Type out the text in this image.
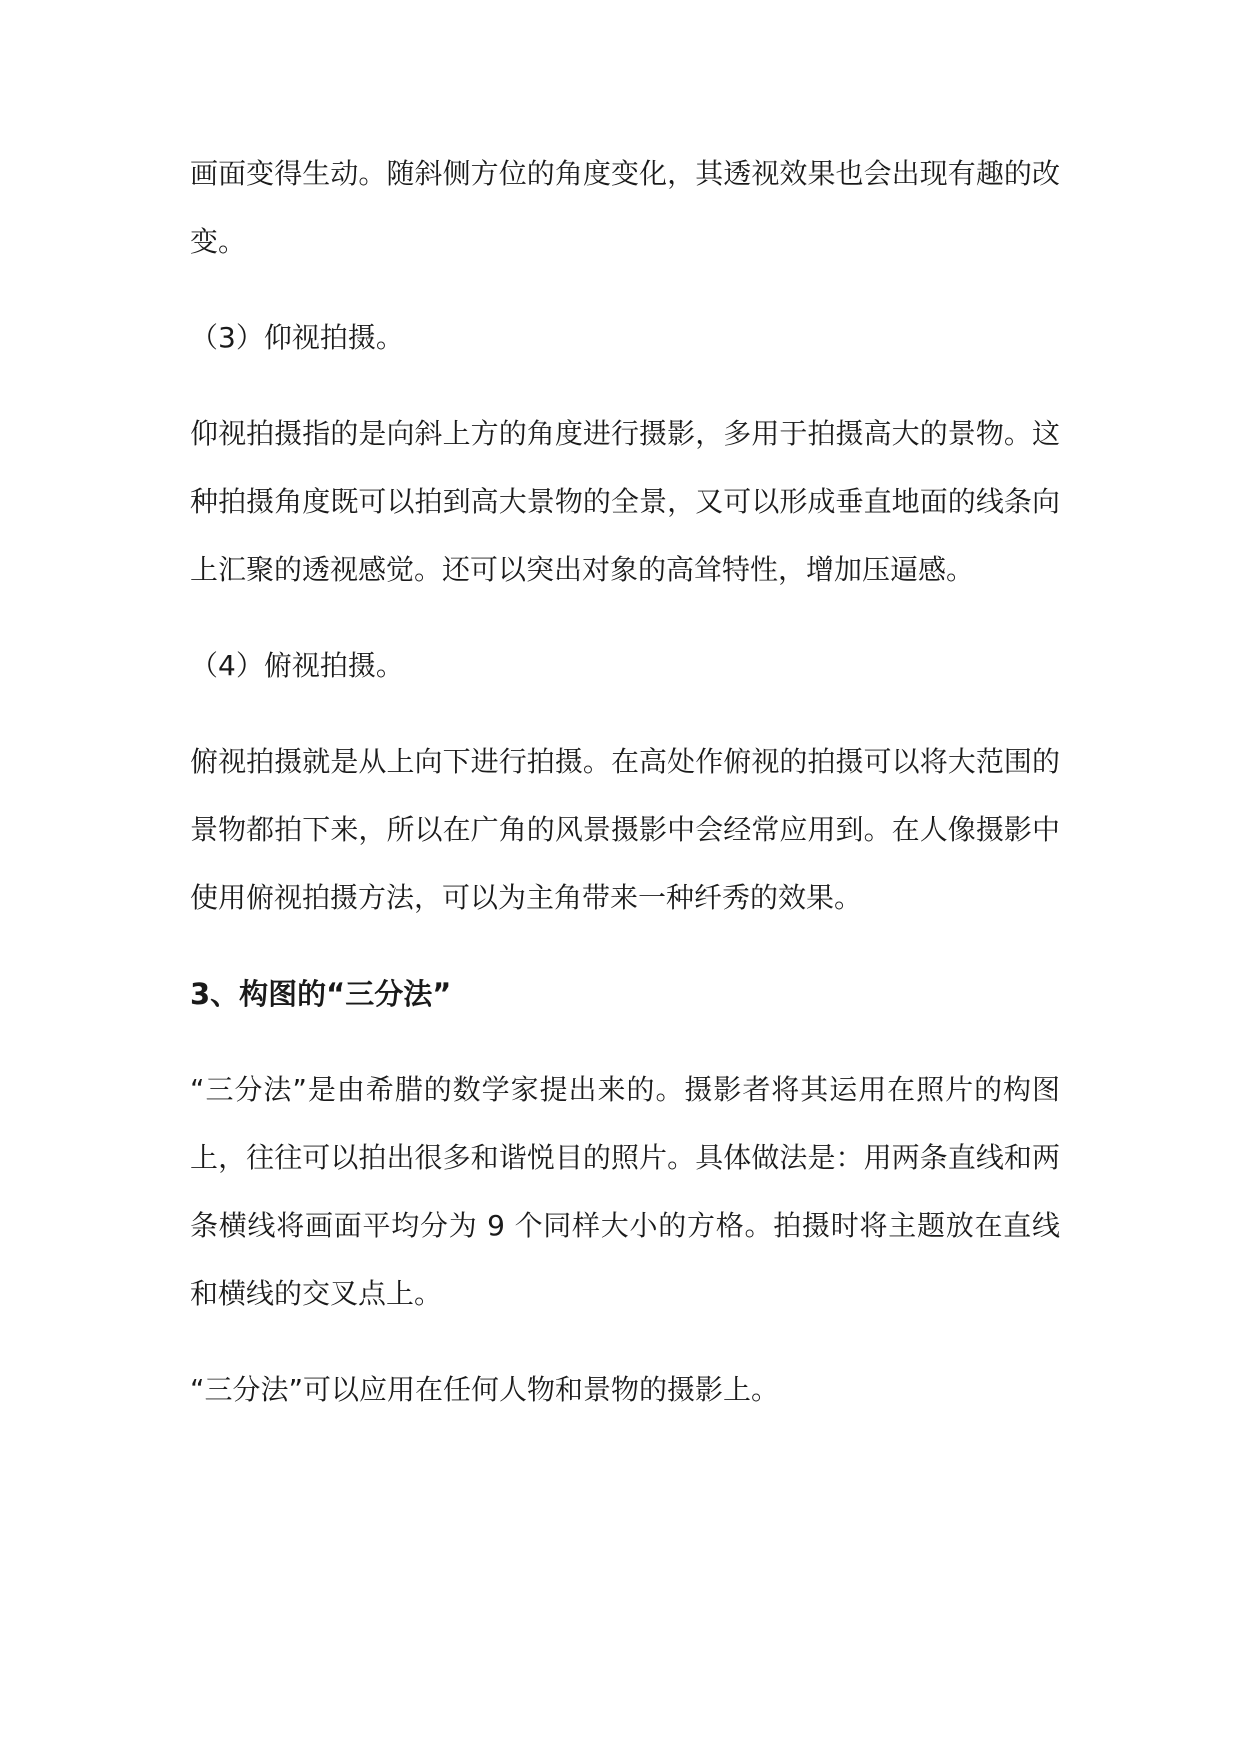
画面变得生动。随斜侧方位的角度变化，其透视效果也会出现有趣的改变。

（3）仰视拍摄。

仰视拍摄指的是向斜上方的角度进行摄影，多用于拍摄高大的景物。这种拍摄角度既可以拍到高大景物的全景，又可以形成垂直地面的线条向上汇聚的透视感觉。还可以突出对象的高耸特性，增加压逼感。

（4）俯视拍摄。

俯视拍摄就是从上向下进行拍摄。在高处作俯视的拍摄可以将大范围的景物都拍下来，所以在广角的风景摄影中会经常应用到。在人像摄影中使用俯视拍摄方法，可以为主角带来一种纤秀的效果。

3、构图的“三分法”

“三分法”是由希腊的数学家提出来的。摄影者将其运用在照片的构图上，往往可以拍出很多和谐悦目的照片。具体做法是：用两条直线和两条横线将画面平均分为 9 个同样大小的方格。拍摄时将主题放在直线和横线的交叉点上。

“三分法”可以应用在任何人物和景物的摄影上。
